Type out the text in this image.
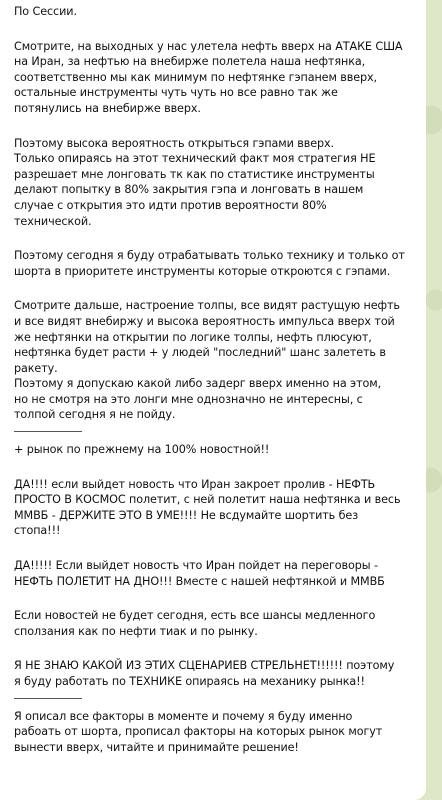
По Сессии.

Смотрите, на выходных у нас улетела нефть вверх на АТАКЕ США
на Иран, за нефтью на внебирже полетела наша нефтянка,
соответственно мы как минимум по нефтянке гэпанем вверх,
остальные инструменты чуть чуть но все равно так же
потянулись на внебирже вверх.

Поэтому высока вероятность открыться гэпами вверх.
Только опираясь на этот технический факт моя стратегия НЕ
разрешает мне лонговать тк как по статистике инструменты
делают попытку в 80% закрытия гэпа и лонговать в нашем
случае с открытия это идти против вероятности 80%
технической.

Поэтому сегодня я буду отрабатывать только технику и только от
шорта в приоритете инструменты которые откроются с гэпами.

Смотрите дальше, настроение толпы, все видят растущую нефть
и все видят внебиржу и высока вероятность импульса вверх той
же нефтянки на открытии по логике толпы, нефть плюсуют,
нефтянка будет расти + у людей "последний" шанс залететь в
ракету.
Поэтому я допускаю какой либо задерг вверх именно на этом,
но не смотря на это лонги мне однозначно не интересны, с
толпой сегодня я не пойду.

+ рынок по прежнему на 100% новостной!!

ДА!!!! если выйдет новость что Иран закроет пролив - НЕФТЬ
ПРОСТО В КОСМОС полетит, с ней полетит наша нефтянка и весь
ММВБ - ДЕРЖИТЕ ЭТО В УМЕ!!!! Не всдумайте шортить без
стопа!!!

ДА!!!!! Если выйдет новость что Иран пойдет на переговоры -
НЕФТЬ ПОЛЕТИТ НА ДНО!!! Вместе с нашей нефтянкой и ММВБ

Если новостей не будет сегодня, есть все шансы медленного
сползания как по нефти тиак и по рынку.

Я НЕ ЗНАЮ КАКОЙ ИЗ ЭТИХ СЦЕНАРИЕВ СТРЕЛЬНЕТ!!!!!! поэтому
я буду работать по ТЕХНИКЕ опираясь на механику рынка!!

Я описал все факторы в моменте и почему я буду именно
рабоать от шорта, прописал факторы на которых рынок могут
вынести вверх, читайте и принимайте решение!
